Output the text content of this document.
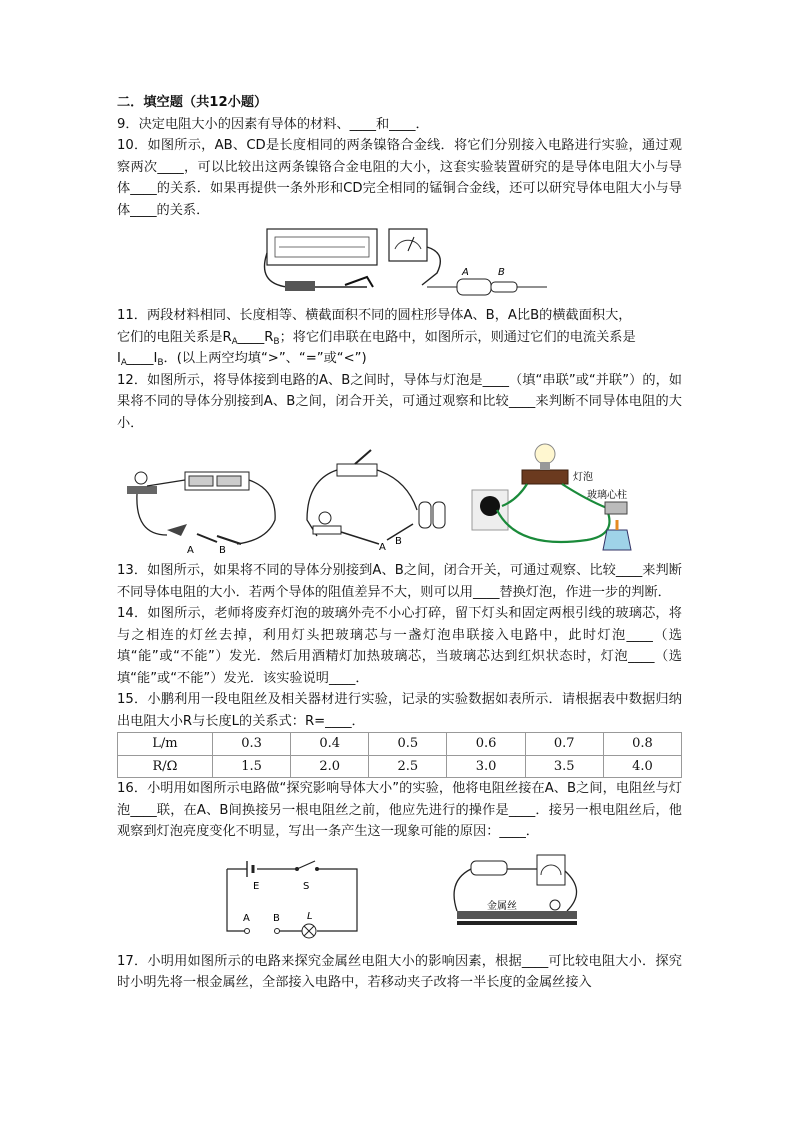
二．填空题（共12小题）

9．决定电阻大小的因素有导体的材料、____和____．

10．如图所示，AB、CD是长度相同的两条镍铬合金线．将它们分别接入电路进行实验，通过观察两次____，可以比较出这两条镍铬合金电阻的大小，这套实验装置研究的是导体电阻大小与导体____的关系．如果再提供一条外形和CD完全相同的锰铜合金线，还可以研究导体电阻大小与导体____的关系．

A	B

11．两段材料相同、长度相等、横截面积不同的圆柱形导体A、B，A比B的横截面积大，

它们的电阻关系是$R_A\_\_\_\_R_B$；将它们串联在电路中，如图所示，则通过它们的电流关系是

$I_A\_\_\_\_I_B$．(以上两空均填“>”、“=”或“<”)

12．如图所示，将导体接到电路的A、B之间时，导体与灯泡是____（填“串联”或“并联”）的，如果将不同的导体分别接到A、B之间，闭合开关，可通过观察和比较____来判断不同导体电阻的大小．

A	B	A
B
灯泡
玻璃心柱

13．如图所示，如果将不同的导体分别接到A、B之间，闭合开关，可通过观察、比较____来判断不同导体电阻的大小．若两个导体的阻值差异不大，则可以用____替换灯泡，作进一步的判断．

14．如图所示，老师将废弃灯泡的玻璃外壳不小心打碎，留下灯头和固定两根引线的玻璃芯，将与之相连的灯丝去掉，利用灯头把玻璃芯与一盏灯泡串联接入电路中，此时灯泡____（选填“能”或“不能”）发光．然后用酒精灯加热玻璃芯，当玻璃芯达到红炽状态时，灯泡____（选填“能”或“不能”）发光．该实验说明____．

15．小鹏利用一段电阻丝及相关器材进行实验，记录的实验数据如表所示．请根据表中数据归纳出电阻大小R与长度L的关系式：R=____．

L/m	0.3	0.4	0.5	0.6	0.7	0.8
R/Ω	1.5	2.0	2.5	3.0	3.5	4.0

16．小明用如图所示电路做“探究影响导体大小”的实验，他将电阻丝接在A、B之间，电阻丝与灯泡____联，在A、B间换接另一根电阻丝之前，他应先进行的操作是____．接另一根电阻丝后，他观察到灯泡亮度变化不明显，写出一条产生这一现象可能的原因：____．

E	S
A B	L
金属丝

17．小明用如图所示的电路来探究金属丝电阻大小的影响因素，根据____可比较电阻大小．探究时小明先将一根金属丝，全部接入电路中，若移动夹子改将一半长度的金属丝接入
